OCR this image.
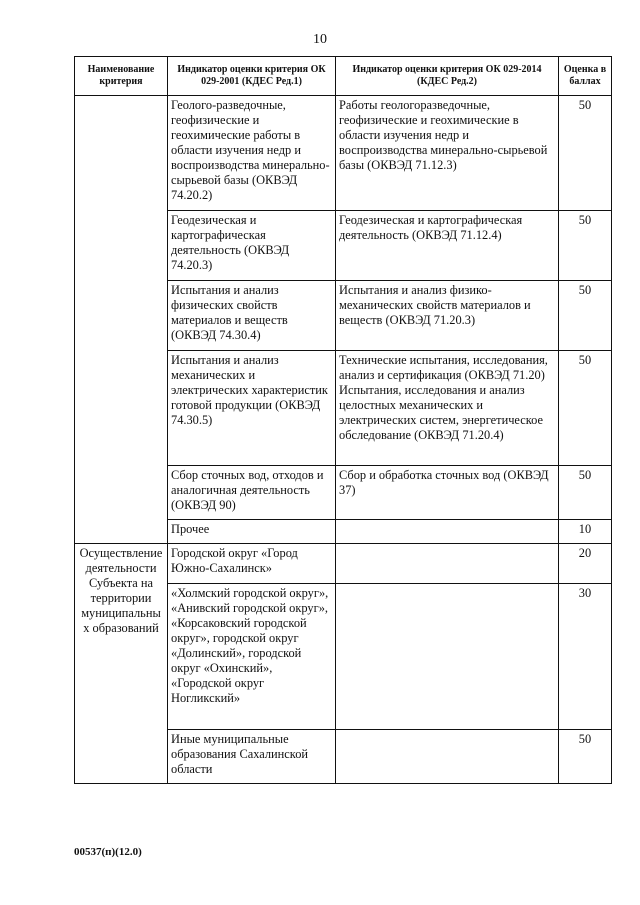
10
Наименование критерия	Индикатор оценки критерия ОК 029-2001 (КДЕС Ред.1)	Индикатор оценки критерия ОК 029-2014 (КДЕС Ред.2)	Оценка в баллах
	Геолого-разведочные, геофизические и геохимические работы в области изучения недр и воспроизводства минерально-сырьевой базы (ОКВЭД 74.20.2)	Работы геологоразведочные, геофизические и геохимические в области изучения недр и воспроизводства минерально-сырьевой базы (ОКВЭД 71.12.3)	50
	Геодезическая и картографическая деятельность (ОКВЭД 74.20.3)	Геодезическая и картографическая деятельность (ОКВЭД 71.12.4)	50
	Испытания и анализ физических свойств материалов и веществ (ОКВЭД 74.30.4)	Испытания и анализ физико-механических свойств материалов и веществ (ОКВЭД 71.20.3)	50
	Испытания и анализ механических и электрических характеристик готовой продукции (ОКВЭД 74.30.5)	Технические испытания, исследования, анализ и сертификация (ОКВЭД 71.20) Испытания, исследования и анализ целостных механических и электрических систем, энергетическое обследование (ОКВЭД 71.20.4)	50
	Сбор сточных вод, отходов и аналогичная деятельность (ОКВЭД 90)	Сбор и обработка сточных вод (ОКВЭД 37)	50
	Прочее		10
Осуществление деятельности Субъекта на территории муниципальны х образований	Городской округ «Город Южно-Сахалинск»		20
	«Холмский городской округ», «Анивский городской округ», «Корсаковский городской округ», городской округ «Долинский», городской округ «Охинский», «Городской округ Ногликский»		30
	Иные муниципальные образования Сахалинской области		50
00537(п)(12.0)
